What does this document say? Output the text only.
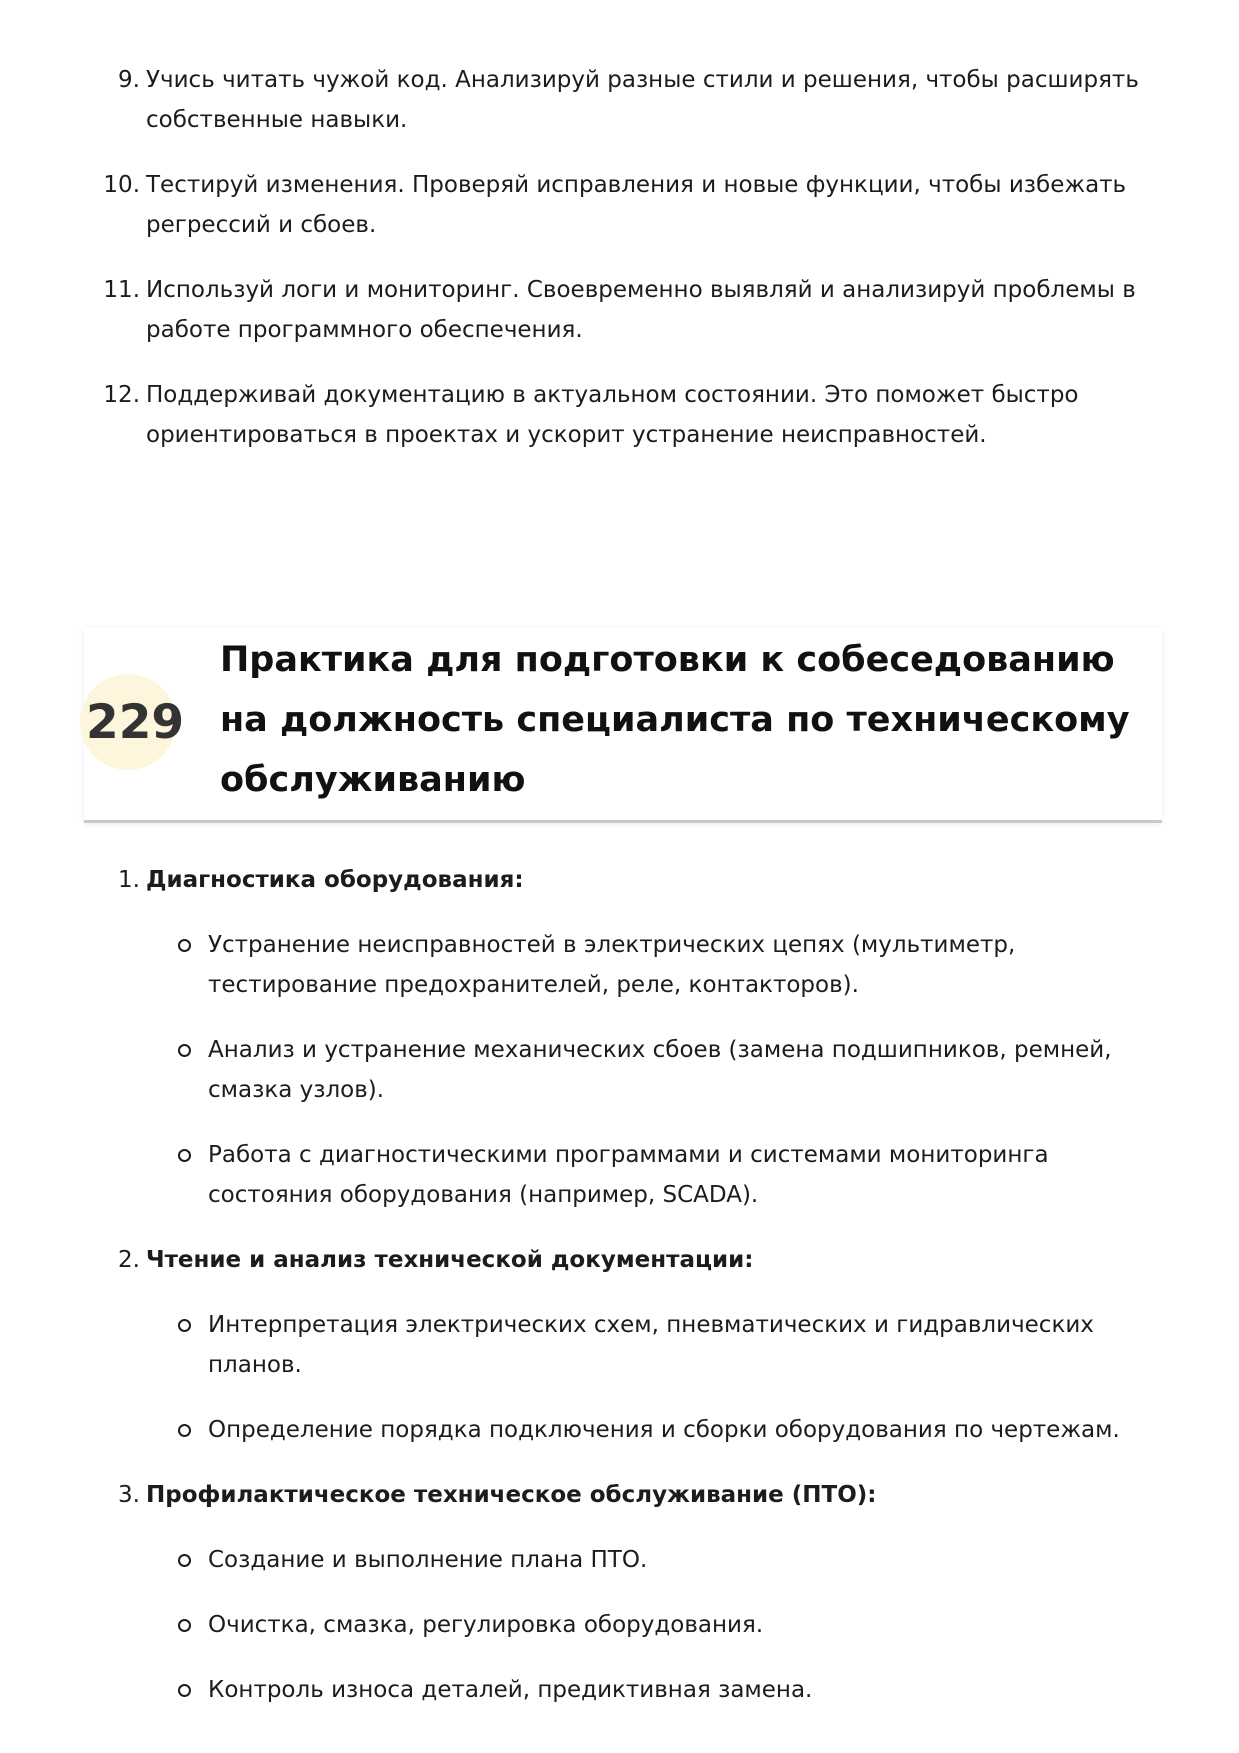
9. Учись читать чужой код. Анализируй разные стили и решения, чтобы расширять собственные навыки.
10. Тестируй изменения. Проверяй исправления и новые функции, чтобы избежать регрессий и сбоев.
11. Используй логи и мониторинг. Своевременно выявляй и анализируй проблемы в работе программного обеспечения.
12. Поддерживай документацию в актуальном состоянии. Это поможет быстро ориентироваться в проектах и ускорит устранение неисправностей.
229
Практика для подготовки к собеседованию на должность специалиста по техническому обслуживанию
1. Диагностика оборудования:
Устранение неисправностей в электрических цепях (мультиметр, тестирование предохранителей, реле, контакторов).
Анализ и устранение механических сбоев (замена подшипников, ремней, смазка узлов).
Работа с диагностическими программами и системами мониторинга состояния оборудования (например, SCADA).
2. Чтение и анализ технической документации:
Интерпретация электрических схем, пневматических и гидравлических планов.
Определение порядка подключения и сборки оборудования по чертежам.
3. Профилактическое техническое обслуживание (ПТО):
Создание и выполнение плана ПТО.
Очистка, смазка, регулировка оборудования.
Контроль износа деталей, предиктивная замена.
